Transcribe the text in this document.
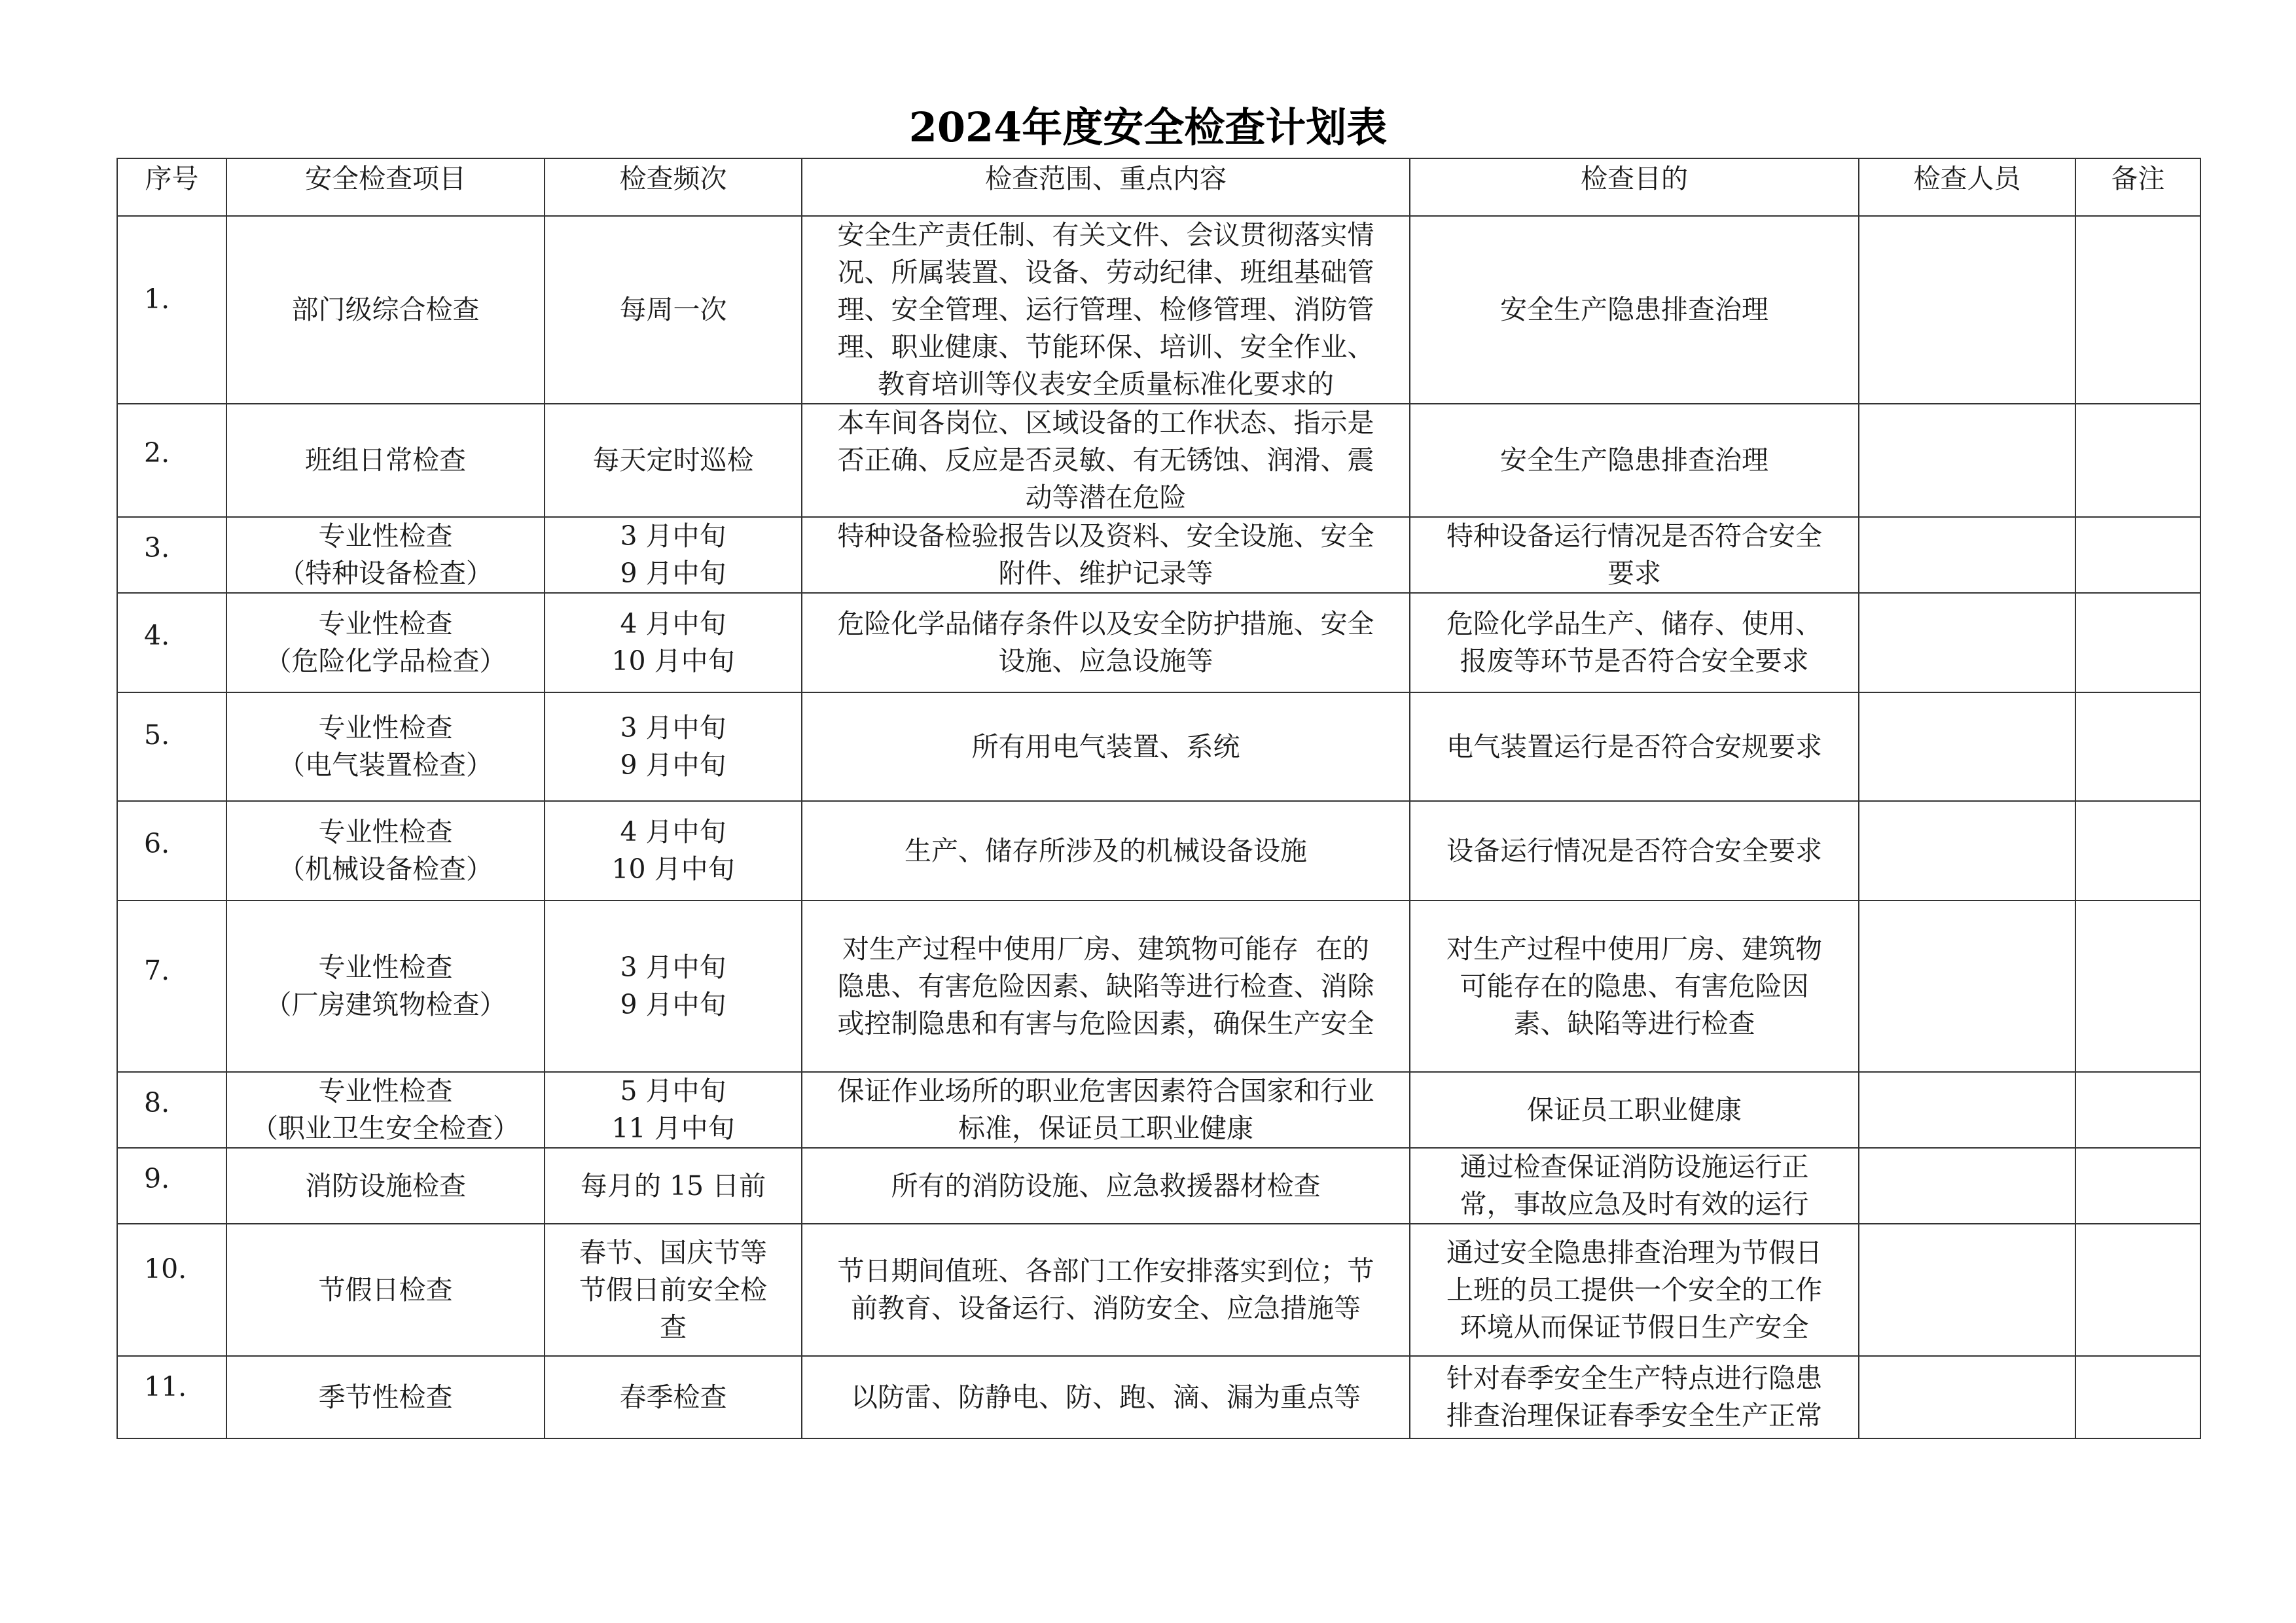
2024年度安全检查计划表
序号	安全检查项目	检查频次	检查范围、重点内容	检查目的	检查人员	备注

1.	部门级综合检查	每周一次	安全生产责任制、有关文件、会议贯彻落实情
况、所属装置、设备、劳动纪律、班组基础管
理、安全管理、运行管理、检修管理、消防管
理、职业健康、节能环保、培训、安全作业、
教育培训等仪表安全质量标准化要求的	安全生产隐患排查治理		

2.	班组日常检查	每天定时巡检	本车间各岗位、区域设备的工作状态、指示是
否正确、反应是否灵敏、有无锈蚀、润滑、震
动等潜在危险	安全生产隐患排查治理		

3.	专业性检查
（特种设备检查）	3 月中旬
9 月中旬	特种设备检验报告以及资料、安全设施、安全
附件、维护记录等	特种设备运行情况是否符合安全
要求		

4.	专业性检查
（危险化学品检查）	4 月中旬
10 月中旬	危险化学品储存条件以及安全防护措施、安全
设施、应急设施等	危险化学品生产、储存、使用、
报废等环节是否符合安全要求		

5.	专业性检查
（电气装置检查）	3 月中旬
9 月中旬	所有用电气装置、系统	电气装置运行是否符合安规要求		

6.	专业性检查
（机械设备检查）	4 月中旬
10 月中旬	生产、储存所涉及的机械设备设施	设备运行情况是否符合安全要求		

7.	专业性检查
（厂房建筑物检查）	3 月中旬
9 月中旬	对生产过程中使用厂房、建筑物可能存  在的
隐患、有害危险因素、缺陷等进行检查、消除
或控制隐患和有害与危险因素，确保生产安全	对生产过程中使用厂房、建筑物
可能存在的隐患、有害危险因
素、缺陷等进行检查		

8.	专业性检查
（职业卫生安全检查）	5 月中旬
11 月中旬	保证作业场所的职业危害因素符合国家和行业
标准，保证员工职业健康	保证员工职业健康		

9.	消防设施检查	每月的 15 日前	所有的消防设施、应急救援器材检查	通过检查保证消防设施运行正
常，事故应急及时有效的运行		

10.	节假日检查	春节、国庆节等
节假日前安全检
查	节日期间值班、各部门工作安排落实到位；节
前教育、设备运行、消防安全、应急措施等	通过安全隐患排查治理为节假日
上班的员工提供一个安全的工作
环境从而保证节假日生产安全		

11.	季节性检查	春季检查	以防雷、防静电、防、跑、滴、漏为重点等	针对春季安全生产特点进行隐患
排查治理保证春季安全生产正常		
